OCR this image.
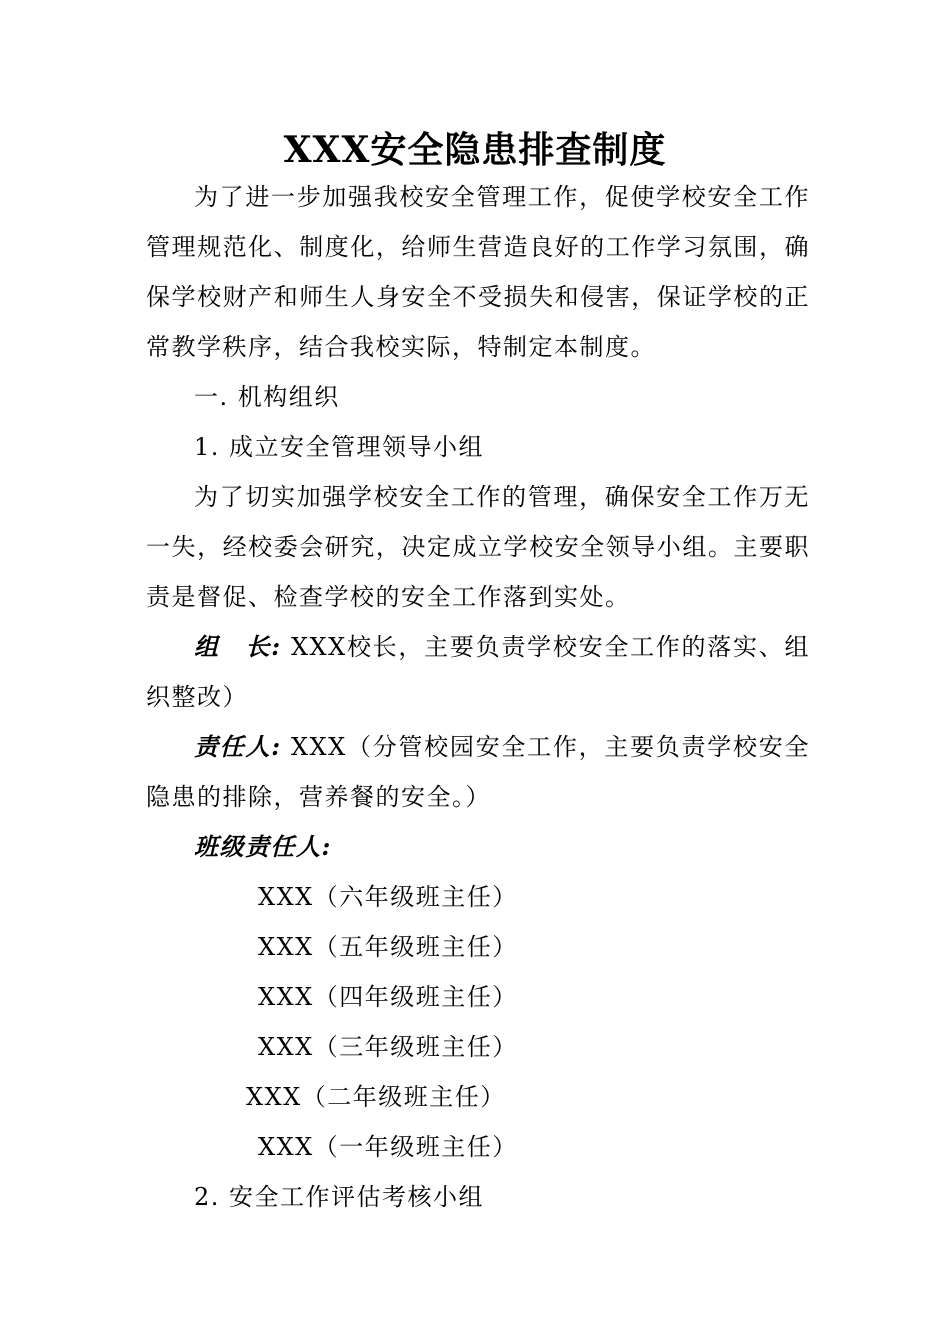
XXX安全隐患排查制度

为了进一步加强我校安全管理工作，促使学校安全工作管理规范化、制度化，给师生营造良好的工作学习氛围，确保学校财产和师生人身安全不受损失和侵害，保证学校的正常教学秩序，结合我校实际，特制定本制度。

一. 机构组织

1. 成立安全管理领导小组

为了切实加强学校安全工作的管理，确保安全工作万无一失，经校委会研究，决定成立学校安全领导小组。主要职责是督促、检查学校的安全工作落到实处。

组　长: XXX校长，主要负责学校安全工作的落实、组织整改）

责任人: XXX（分管校园安全工作，主要负责学校安全隐患的排除，营养餐的安全。）

班级责任人:

XXX（六年级班主任）

XXX（五年级班主任）

XXX（四年级班主任）

XXX（三年级班主任）

XXX（二年级班主任）

XXX（一年级班主任）

2. 安全工作评估考核小组
